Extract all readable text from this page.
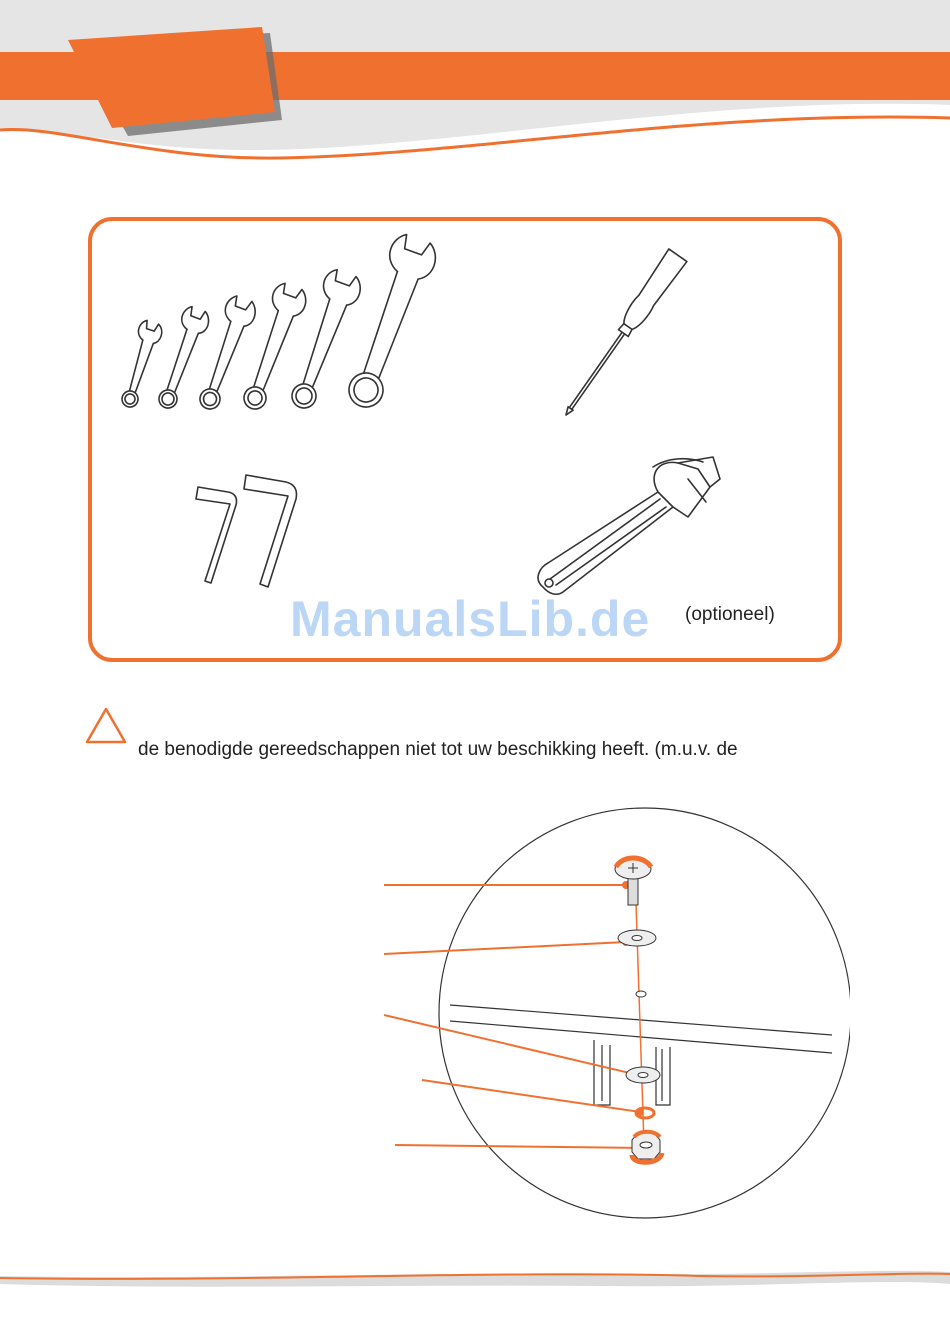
ManualsLib.de (optioneel)
de benodigde gereedschappen niet tot uw beschikking heeft. (m.u.v. de
